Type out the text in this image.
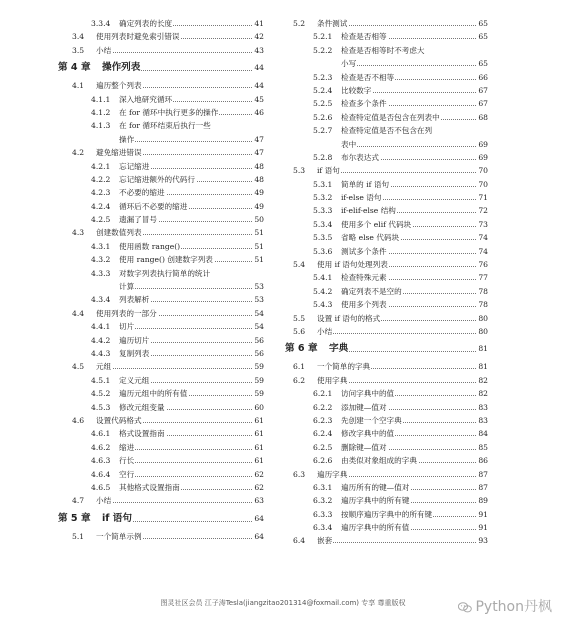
3.3.4 确定列表的长度	41
3.4 使用列表时避免索引错误	42
3.5 小结	43
第 4 章 操作列表	44
4.1 遍历整个列表	44
4.1.1 深入地研究循环	45
4.1.2 在 for 循环中执行更多的操作	46
4.1.3 在 for 循环结束后执行一些
操作	47
4.2 避免缩进错误	47
4.2.1 忘记缩进	48
4.2.2 忘记缩进额外的代码行	48
4.2.3 不必要的缩进	49
4.2.4 循环后不必要的缩进	49
4.2.5 遗漏了冒号	50
4.3 创建数值列表	51
4.3.1 使用函数 range()	51
4.3.2 使用 range() 创建数字列表	51
4.3.3 对数字列表执行简单的统计
计算	53
4.3.4 列表解析	53
4.4 使用列表的一部分	54
4.4.1 切片	54
4.4.2 遍历切片	56
4.4.3 复制列表	56
4.5 元组	59
4.5.1 定义元组	59
4.5.2 遍历元组中的所有值	59
4.5.3 修改元组变量	60
4.6 设置代码格式	61
4.6.1 格式设置指南	61
4.6.2 缩进	61
4.6.3 行长	61
4.6.4 空行	62
4.6.5 其他格式设置指南	62
4.7 小结	63
第 5 章 if 语句	64
5.1 一个简单示例	64
5.2 条件测试	65
5.2.1 检查是否相等	65
5.2.2 检查是否相等时不考虑大
小写	65
5.2.3 检查是否不相等	66
5.2.4 比较数字	67
5.2.5 检查多个条件	67
5.2.6 检查特定值是否包含在列表中	68
5.2.7 检查特定值是否不包含在列
表中	69
5.2.8 布尔表达式	69
5.3 if 语句	70
5.3.1 简单的 if 语句	70
5.3.2 if-else 语句	71
5.3.3 if-elif-else 结构	72
5.3.4 使用多个 elif 代码块	73
5.3.5 省略 else 代码块	74
5.3.6 测试多个条件	74
5.4 使用 if 语句处理列表	76
5.4.1 检查特殊元素	77
5.4.2 确定列表不是空的	78
5.4.3 使用多个列表	78
5.5 设置 if 语句的格式	80
5.6 小结	80
第 6 章 字典	81
6.1 一个简单的字典	81
6.2 使用字典	82
6.2.1 访问字典中的值	82
6.2.2 添加键—值对	83
6.2.3 先创建一个空字典	83
6.2.4 修改字典中的值	84
6.2.5 删除键—值对	85
6.2.6 由类似对象组成的字典	86
6.3 遍历字典	87
6.3.1 遍历所有的键—值对	87
6.3.2 遍历字典中的所有键	89
6.3.3 按顺序遍历字典中的所有键	91
6.3.4 遍历字典中的所有值	91
6.4 嵌套	93
图灵社区会员 江子涛Tesla(jiangzitao201314@foxmail.com) 专享 尊重版权	Python丹枫
